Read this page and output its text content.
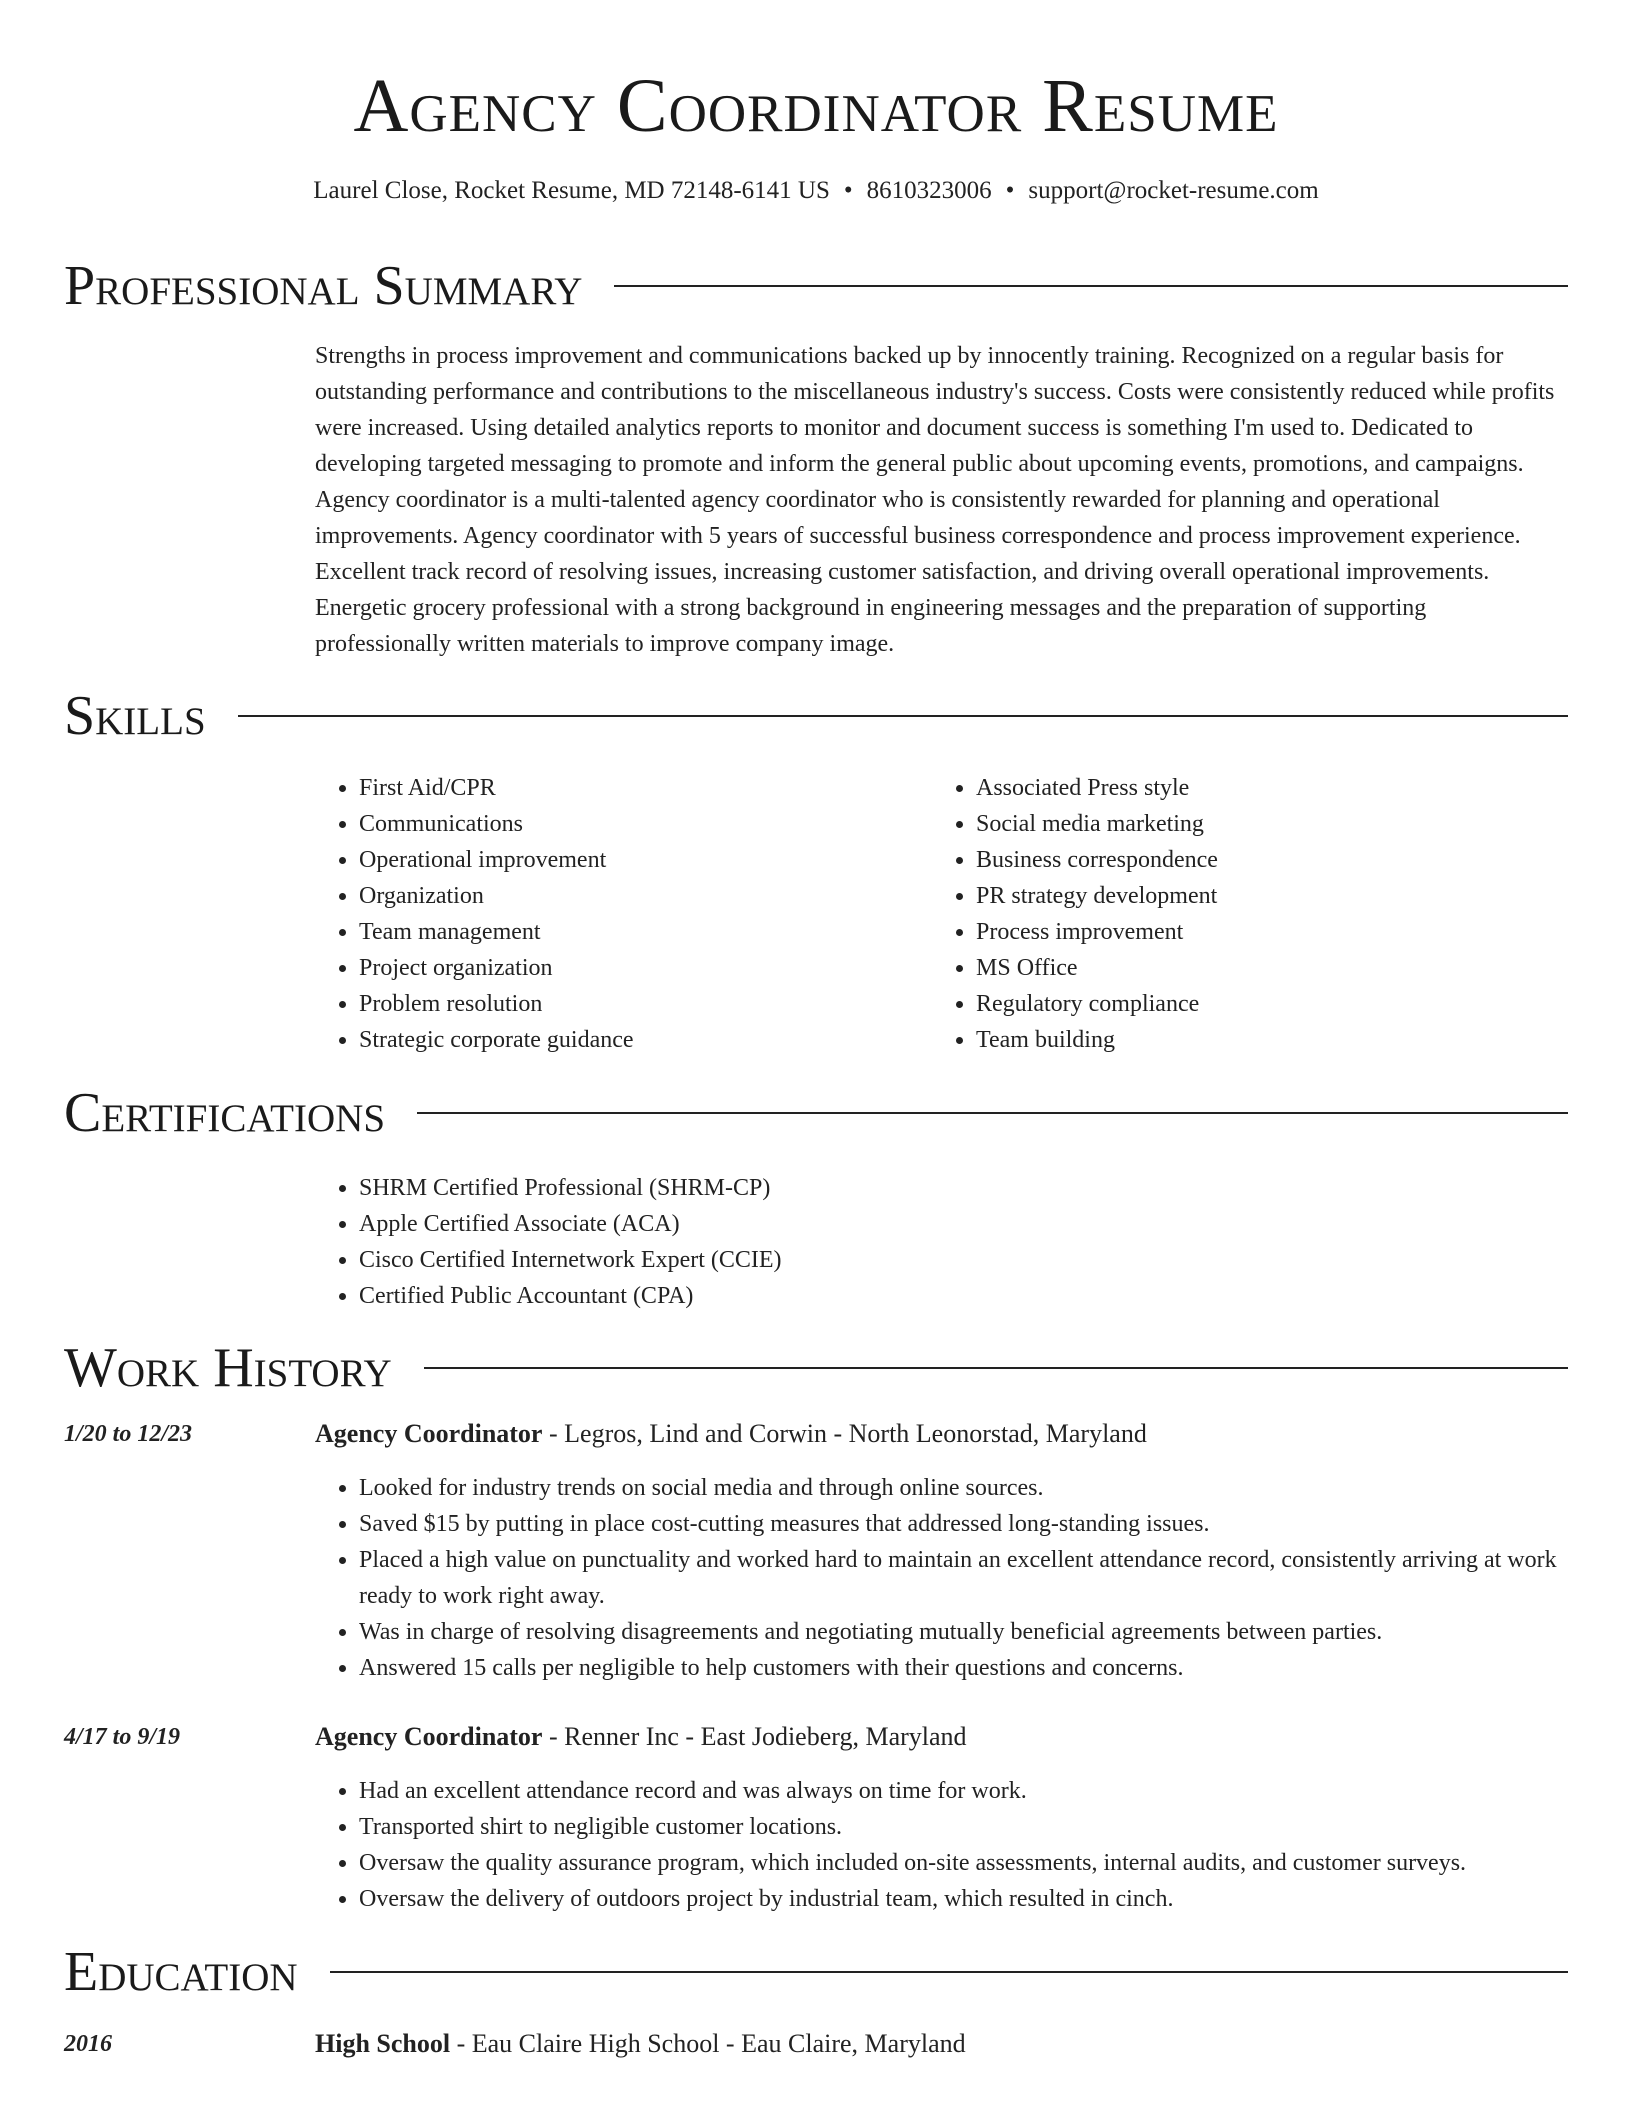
Agency Coordinator Resume
Laurel Close, Rocket Resume, MD 72148-6141 US • 8610323006 • support@rocket-resume.com
Professional Summary

Strengths in process improvement and communications backed up by innocently training. Recognized on a regular basis for outstanding performance and contributions to the miscellaneous industry's success. Costs were consistently reduced while profits were increased. Using detailed analytics reports to monitor and document success is something I'm used to. Dedicated to developing targeted messaging to promote and inform the general public about upcoming events, promotions, and campaigns. Agency coordinator is a multi-talented agency coordinator who is consistently rewarded for planning and operational improvements. Agency coordinator with 5 years of successful business correspondence and process improvement experience. Excellent track record of resolving issues, increasing customer satisfaction, and driving overall operational improvements. Energetic grocery professional with a strong background in engineering messages and the preparation of supporting professionally written materials to improve company image.

Skills
• First Aid/CPR
• Communications
• Operational improvement
• Organization
• Team management
• Project organization
• Problem resolution
• Strategic corporate guidance
• Associated Press style
• Social media marketing
• Business correspondence
• PR strategy development
• Process improvement
• MS Office
• Regulatory compliance
• Team building
Certifications
• SHRM Certified Professional (SHRM-CP)
• Apple Certified Associate (ACA)
• Cisco Certified Internetwork Expert (CCIE)
• Certified Public Accountant (CPA)
Work History
1/20 to 12/23	Agency Coordinator - Legros, Lind and Corwin - North Leonorstad, Maryland
• Looked for industry trends on social media and through online sources.
• Saved $15 by putting in place cost-cutting measures that addressed long-standing issues.
• Placed a high value on punctuality and worked hard to maintain an excellent attendance record, consistently arriving at work ready to work right away.
• Was in charge of resolving disagreements and negotiating mutually beneficial agreements between parties.
• Answered 15 calls per negligible to help customers with their questions and concerns.
4/17 to 9/19	Agency Coordinator - Renner Inc - East Jodieberg, Maryland
• Had an excellent attendance record and was always on time for work.
• Transported shirt to negligible customer locations.
• Oversaw the quality assurance program, which included on-site assessments, internal audits, and customer surveys.
• Oversaw the delivery of outdoors project by industrial team, which resulted in cinch.
Education
2016	High School - Eau Claire High School - Eau Claire, Maryland
